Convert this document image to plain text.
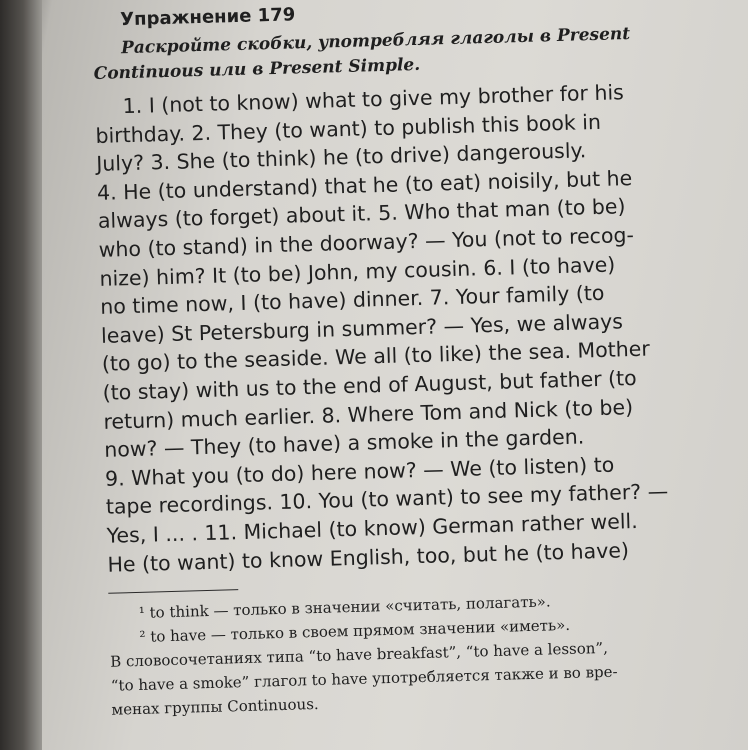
Упражнение 179
Раскройте скобки, употребляя глаголы в Present
Continuous или в Present Simple.
1. I (not to know) what to give my brother for his
birthday. 2. They (to want) to publish this book in
July? 3. She (to think) he (to drive) dangerously.
4. He (to understand) that he (to eat) noisily, but he
always (to forget) about it. 5. Who that man (to be)
who (to stand) in the doorway? — You (not to recog-
nize) him? It (to be) John, my cousin. 6. I (to have)
no time now, I (to have) dinner. 7. Your family (to
leave) St Petersburg in summer? — Yes, we always
(to go) to the seaside. We all (to like) the sea. Mother
(to stay) with us to the end of August, but father (to
return) much earlier. 8. Where Tom and Nick (to be)
now? — They (to have) a smoke in the garden.
9. What you (to do) here now? — We (to listen) to
tape recordings. 10. You (to want) to see my father? —
Yes, I ... . 11. Michael (to know) German rather well.
He (to want) to know English, too, but he (to have)
¹ to think — только в значении «считать, полагать».
² to have — только в своем прямом значении «иметь».
В словосочетаниях типа “to have breakfast”, “to have a lesson”,
“to have a smoke” глагол to have употребляется также и во вре-
менах группы Continuous.
